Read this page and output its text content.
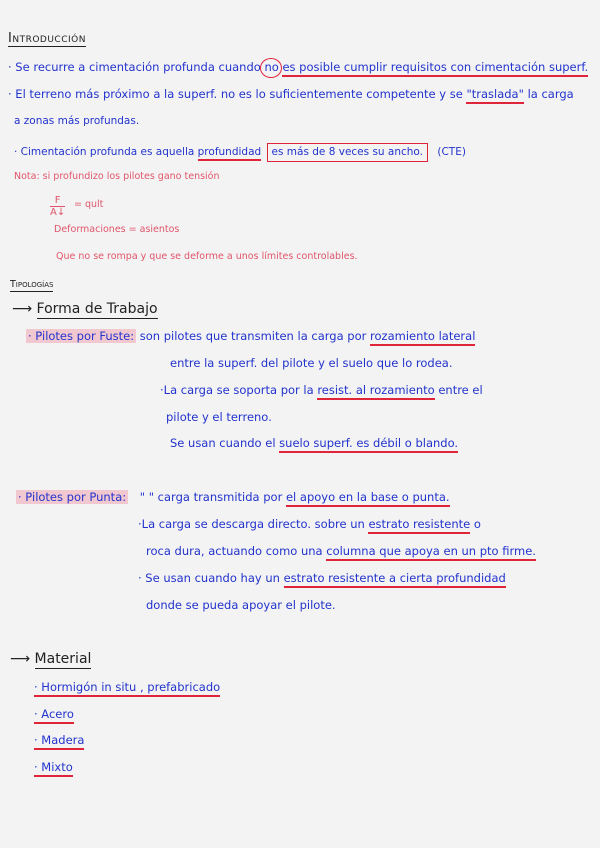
Introducción
· Se recurre a cimentación profunda cuando no es posible cumplir requisitos con cimentación superf.
· El terreno más próximo a la superf. no es lo suficientemente competente y se "traslada" la carga
a zonas más profundas.
· Cimentación profunda es aquella profundidad es más de 8 veces su ancho. (CTE)
Nota: si profundizo los pilotes gano tensión
$\frac{F}{A↓}$ = qult
Deformaciones = asientos
Que no se rompa y que se deforme a unos límites controlables.
Tipologías
⟶ Forma de Trabajo
· Pilotes por Fuste: son pilotes que transmiten la carga por rozamiento lateral
entre la superf. del pilote y el suelo que lo rodea.
·La carga se soporta por la resist. al rozamiento entre el
pilote y el terreno.
Se usan cuando el suelo superf. es débil o blando.
· Pilotes por Punta: " " carga transmitida por el apoyo en la base o punta.
·La carga se descarga directo. sobre un estrato resistente o
roca dura, actuando como una columna que apoya en un pto firme.
· Se usan cuando hay un estrato resistente a cierta profundidad
donde se pueda apoyar el pilote.
⟶ Material
· Hormigón in situ , prefabricado
· Acero
· Madera
· Mixto
